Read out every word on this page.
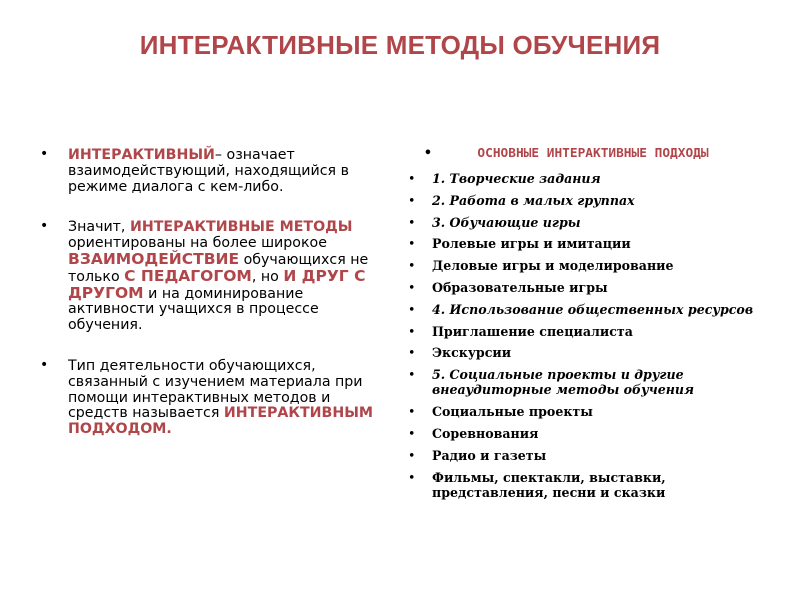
ИНТЕРАКТИВНЫЕ МЕТОДЫ ОБУЧЕНИЯ
• ИНТЕРАКТИВНЫЙ– означает взаимодействующий, находящийся в режиме диалога с кем-либо.
• Значит, ИНТЕРАКТИВНЫЕ МЕТОДЫ ориентированы на более широкое ВЗАИМОДЕЙСТВИЕ обучающихся не только С ПЕДАГОГОМ, но И ДРУГ С ДРУГОМ и на доминирование активности учащихся в процессе обучения.
• Тип деятельности обучающихся, связанный с изучением материала при помощи интерактивных методов и средств называется ИНТЕРАКТИВНЫМ ПОДХОДОМ.
• ОСНОВНЫЕ ИНТЕРАКТИВНЫЕ ПОДХОДЫ
• 1. Творческие задания
• 2. Работа в малых группах
• 3. Обучающие игры
• Ролевые игры и имитации
• Деловые игры и моделирование
• Образовательные игры
• 4. Использование общественных ресурсов
• Приглашение специалиста
• Экскурсии
• 5. Социальные проекты и другие внеаудиторные методы обучения
• Социальные проекты
• Соревнования
• Радио и газеты
• Фильмы, спектакли, выставки, представления, песни и сказки
